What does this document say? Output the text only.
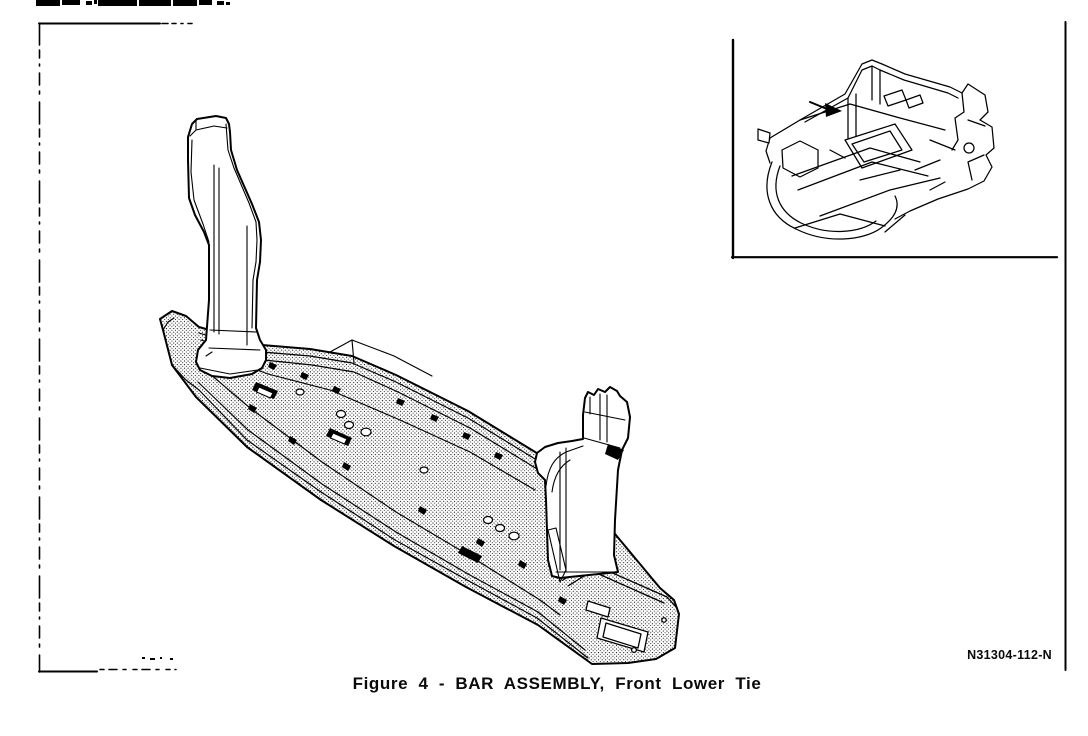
Figure 4 - BAR ASSEMBLY, Front Lower Tie
N31304-112-N
